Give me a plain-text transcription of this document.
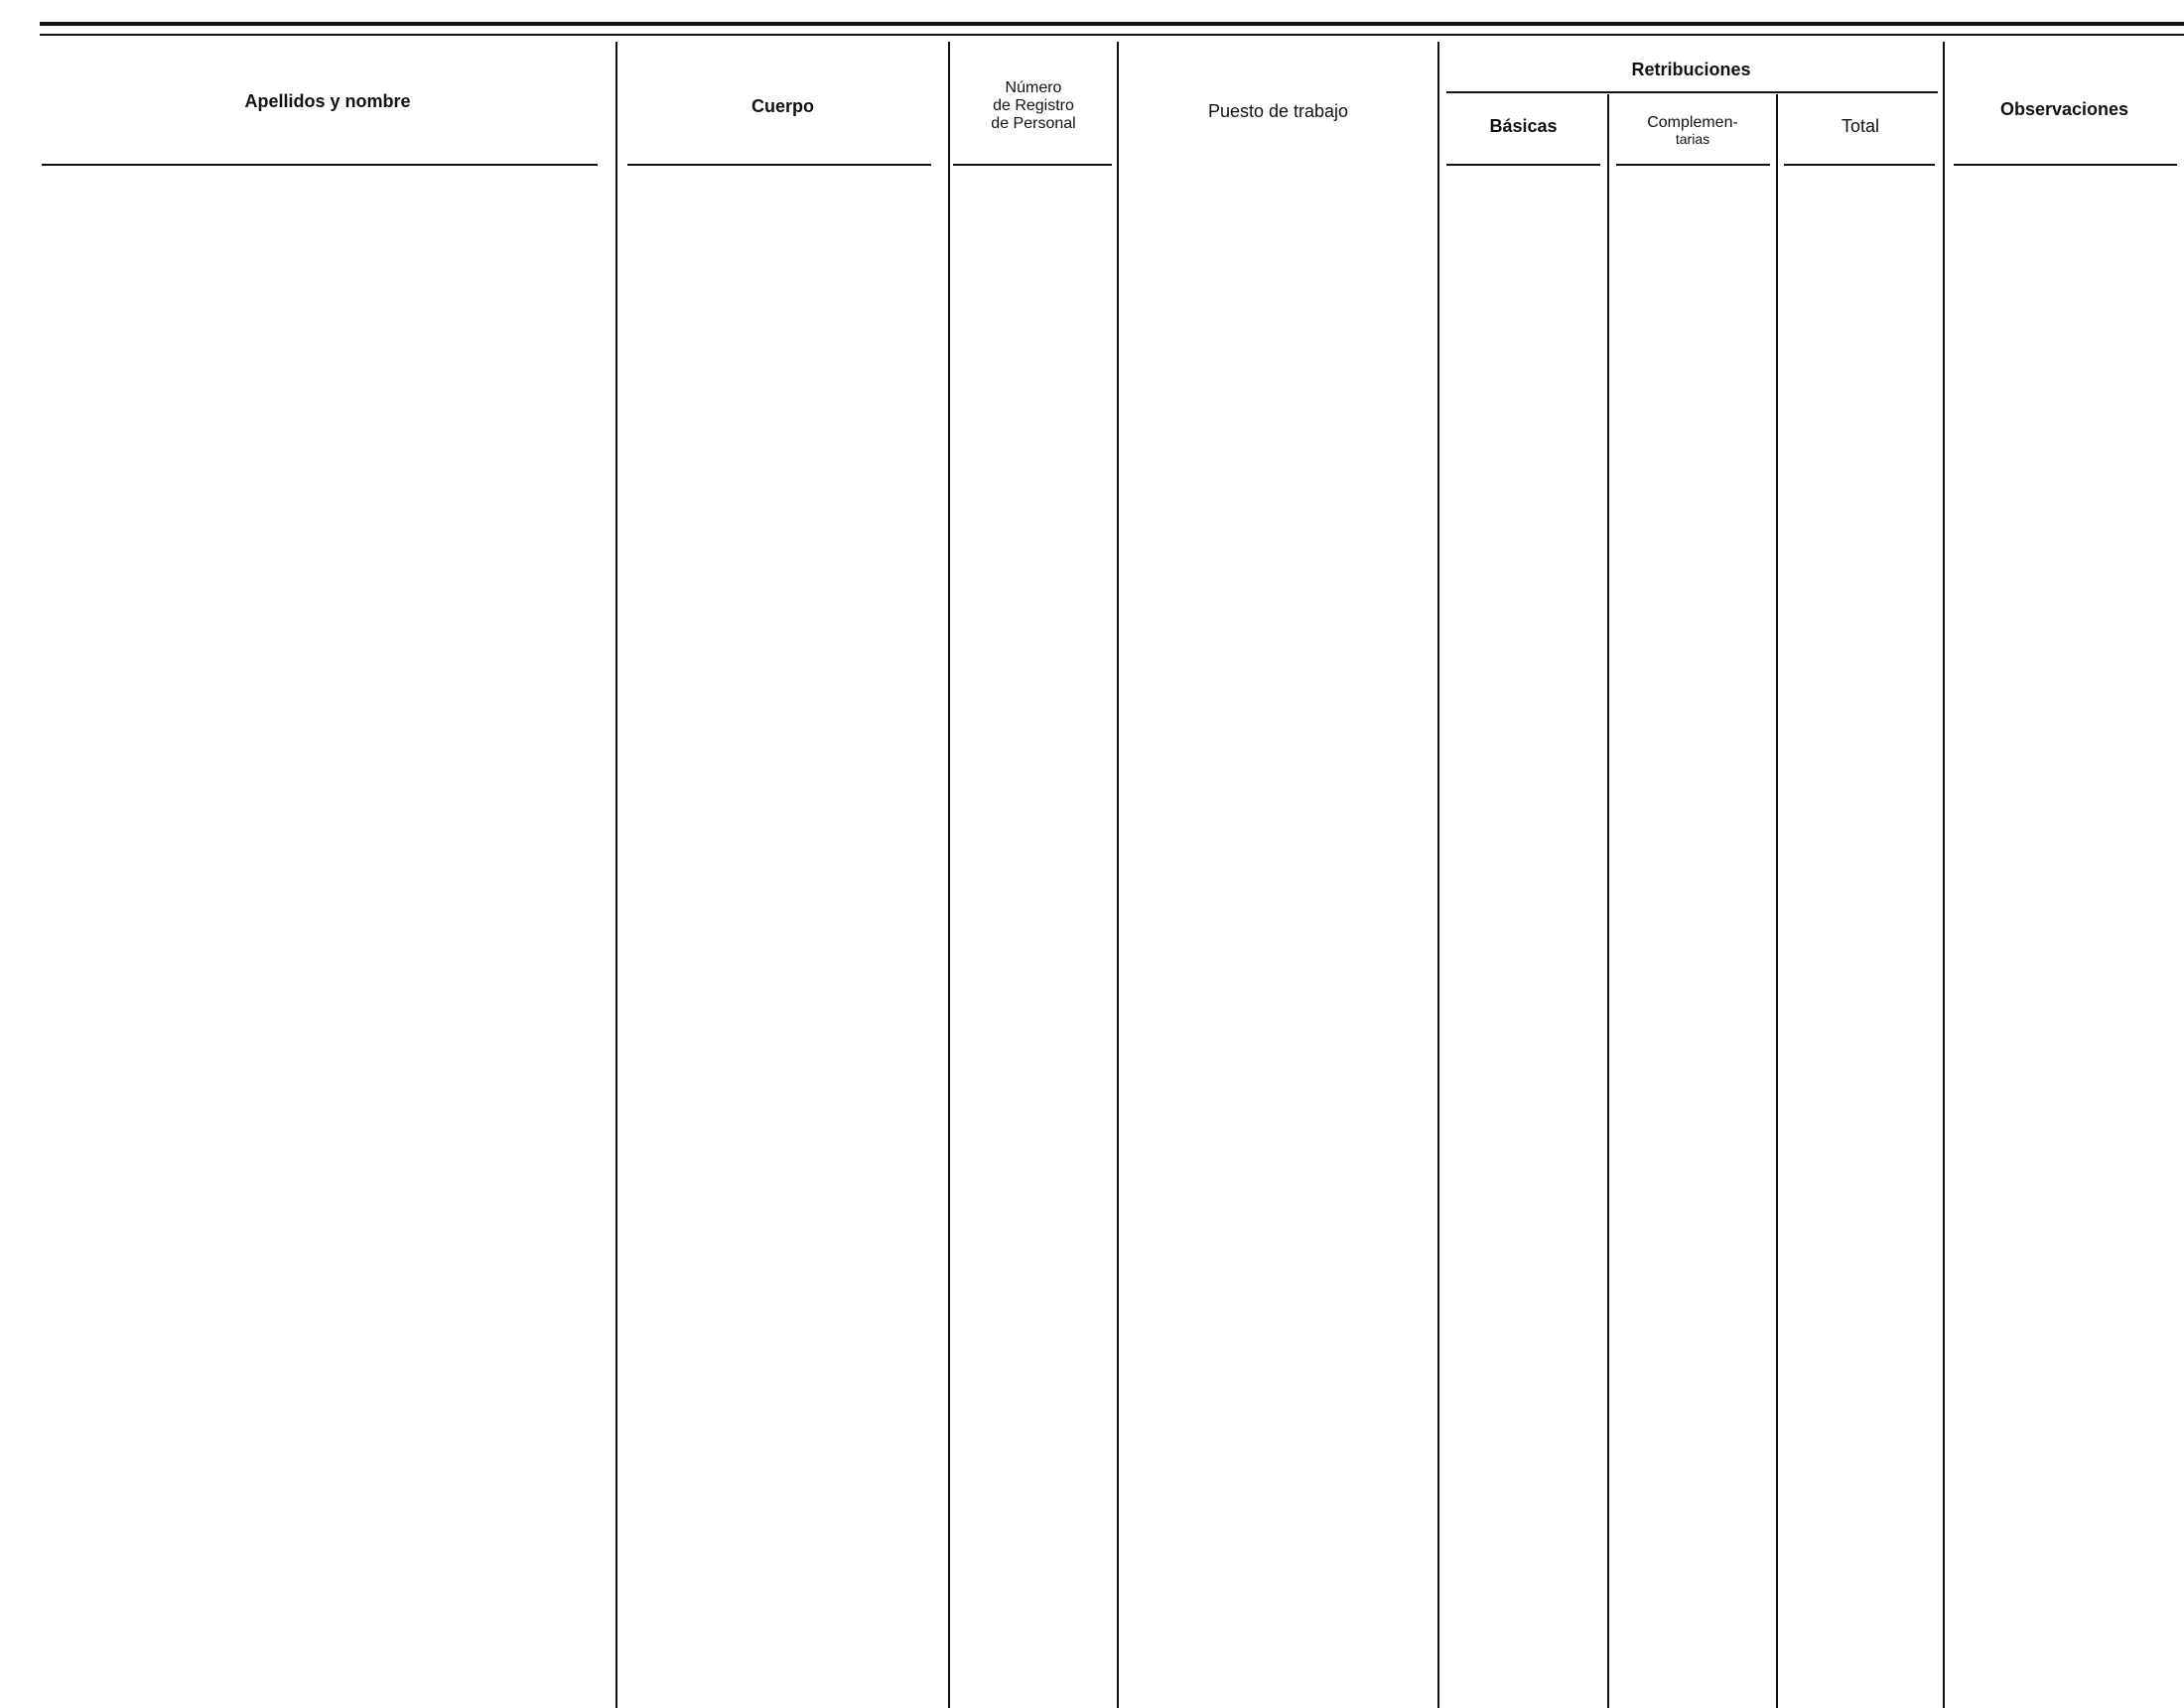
Apellidos y nombre	Cuerpo
Número
de Registro
de Personal
Puesto de trabajo
Retribuciones
Básicas	Complemen-
tarias
Total
Observaciones
